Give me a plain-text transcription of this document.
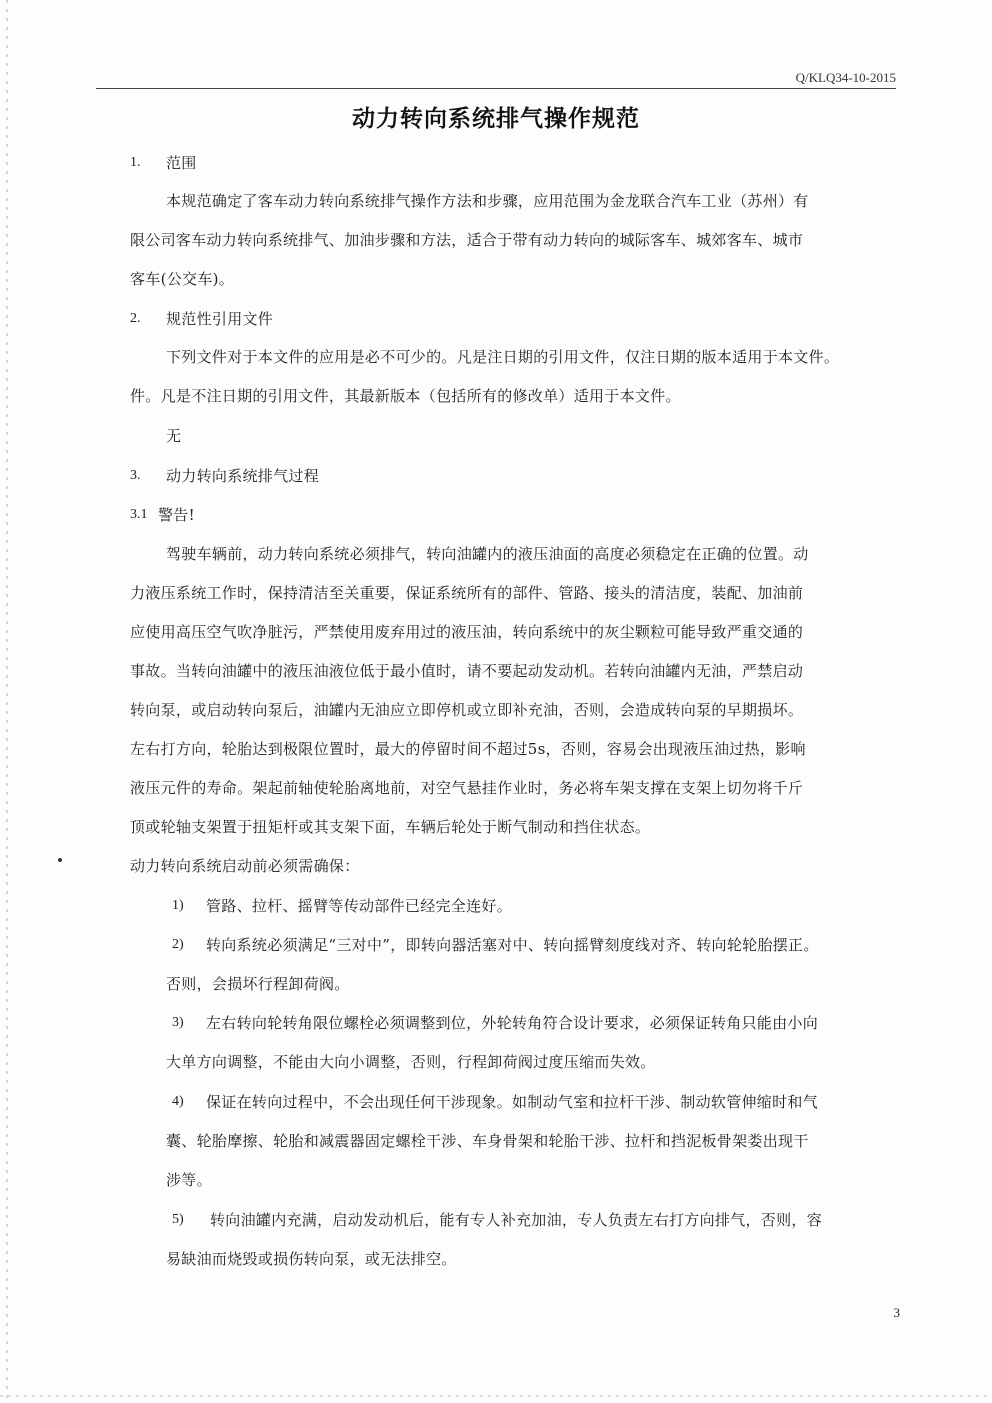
Q/KLQ34-10-2015
动力转向系统排气操作规范
1. 范围
本规范确定了客车动力转向系统排气操作方法和步骤，应用范围为金龙联合汽车工业（苏州）有
限公司客车动力转向系统排气、加油步骤和方法，适合于带有动力转向的城际客车、城郊客车、城市
客车(公交车)。
2. 规范性引用文件
下列文件对于本文件的应用是必不可少的。凡是注日期的引用文件，仅注日期的版本适用于本文件。
件。凡是不注日期的引用文件，其最新版本（包括所有的修改单）适用于本文件。
无
3. 动力转向系统排气过程
3.1 警告!
驾驶车辆前，动力转向系统必须排气，转向油罐内的液压油面的高度必须稳定在正确的位置。动
力液压系统工作时，保持清洁至关重要，保证系统所有的部件、管路、接头的清洁度，装配、加油前
应使用高压空气吹净脏污，严禁使用废弃用过的液压油，转向系统中的灰尘颗粒可能导致严重交通的
事故。当转向油罐中的液压油液位低于最小值时，请不要起动发动机。若转向油罐内无油，严禁启动
转向泵，或启动转向泵后，油罐内无油应立即停机或立即补充油，否则，会造成转向泵的早期损坏。
左右打方向，轮胎达到极限位置时，最大的停留时间不超过5s，否则，容易会出现液压油过热，影响
液压元件的寿命。架起前轴使轮胎离地前，对空气悬挂作业时，务必将车架支撑在支架上切勿将千斤
顶或轮轴支架置于扭矩杆或其支架下面，车辆后轮处于断气制动和挡住状态。
动力转向系统启动前必须需确保：
1) 管路、拉杆、摇臂等传动部件已经完全连好。
2) 转向系统必须满足“三对中”，即转向器活塞对中、转向摇臂刻度线对齐、转向轮轮胎摆正。
否则，会损坏行程卸荷阀。
3) 左右转向轮转角限位螺栓必须调整到位，外轮转角符合设计要求，必须保证转角只能由小向
大单方向调整，不能由大向小调整，否则，行程卸荷阀过度压缩而失效。
4) 保证在转向过程中，不会出现任何干涉现象。如制动气室和拉杆干涉、制动软管伸缩时和气
囊、轮胎摩擦、轮胎和减震器固定螺栓干涉、车身骨架和轮胎干涉、拉杆和挡泥板骨架娄出现干
涉等。
5) 转向油罐内充满，启动发动机后，能有专人补充加油，专人负责左右打方向排气，否则，容
易缺油而烧毁或损伤转向泵，或无法排空。
3
